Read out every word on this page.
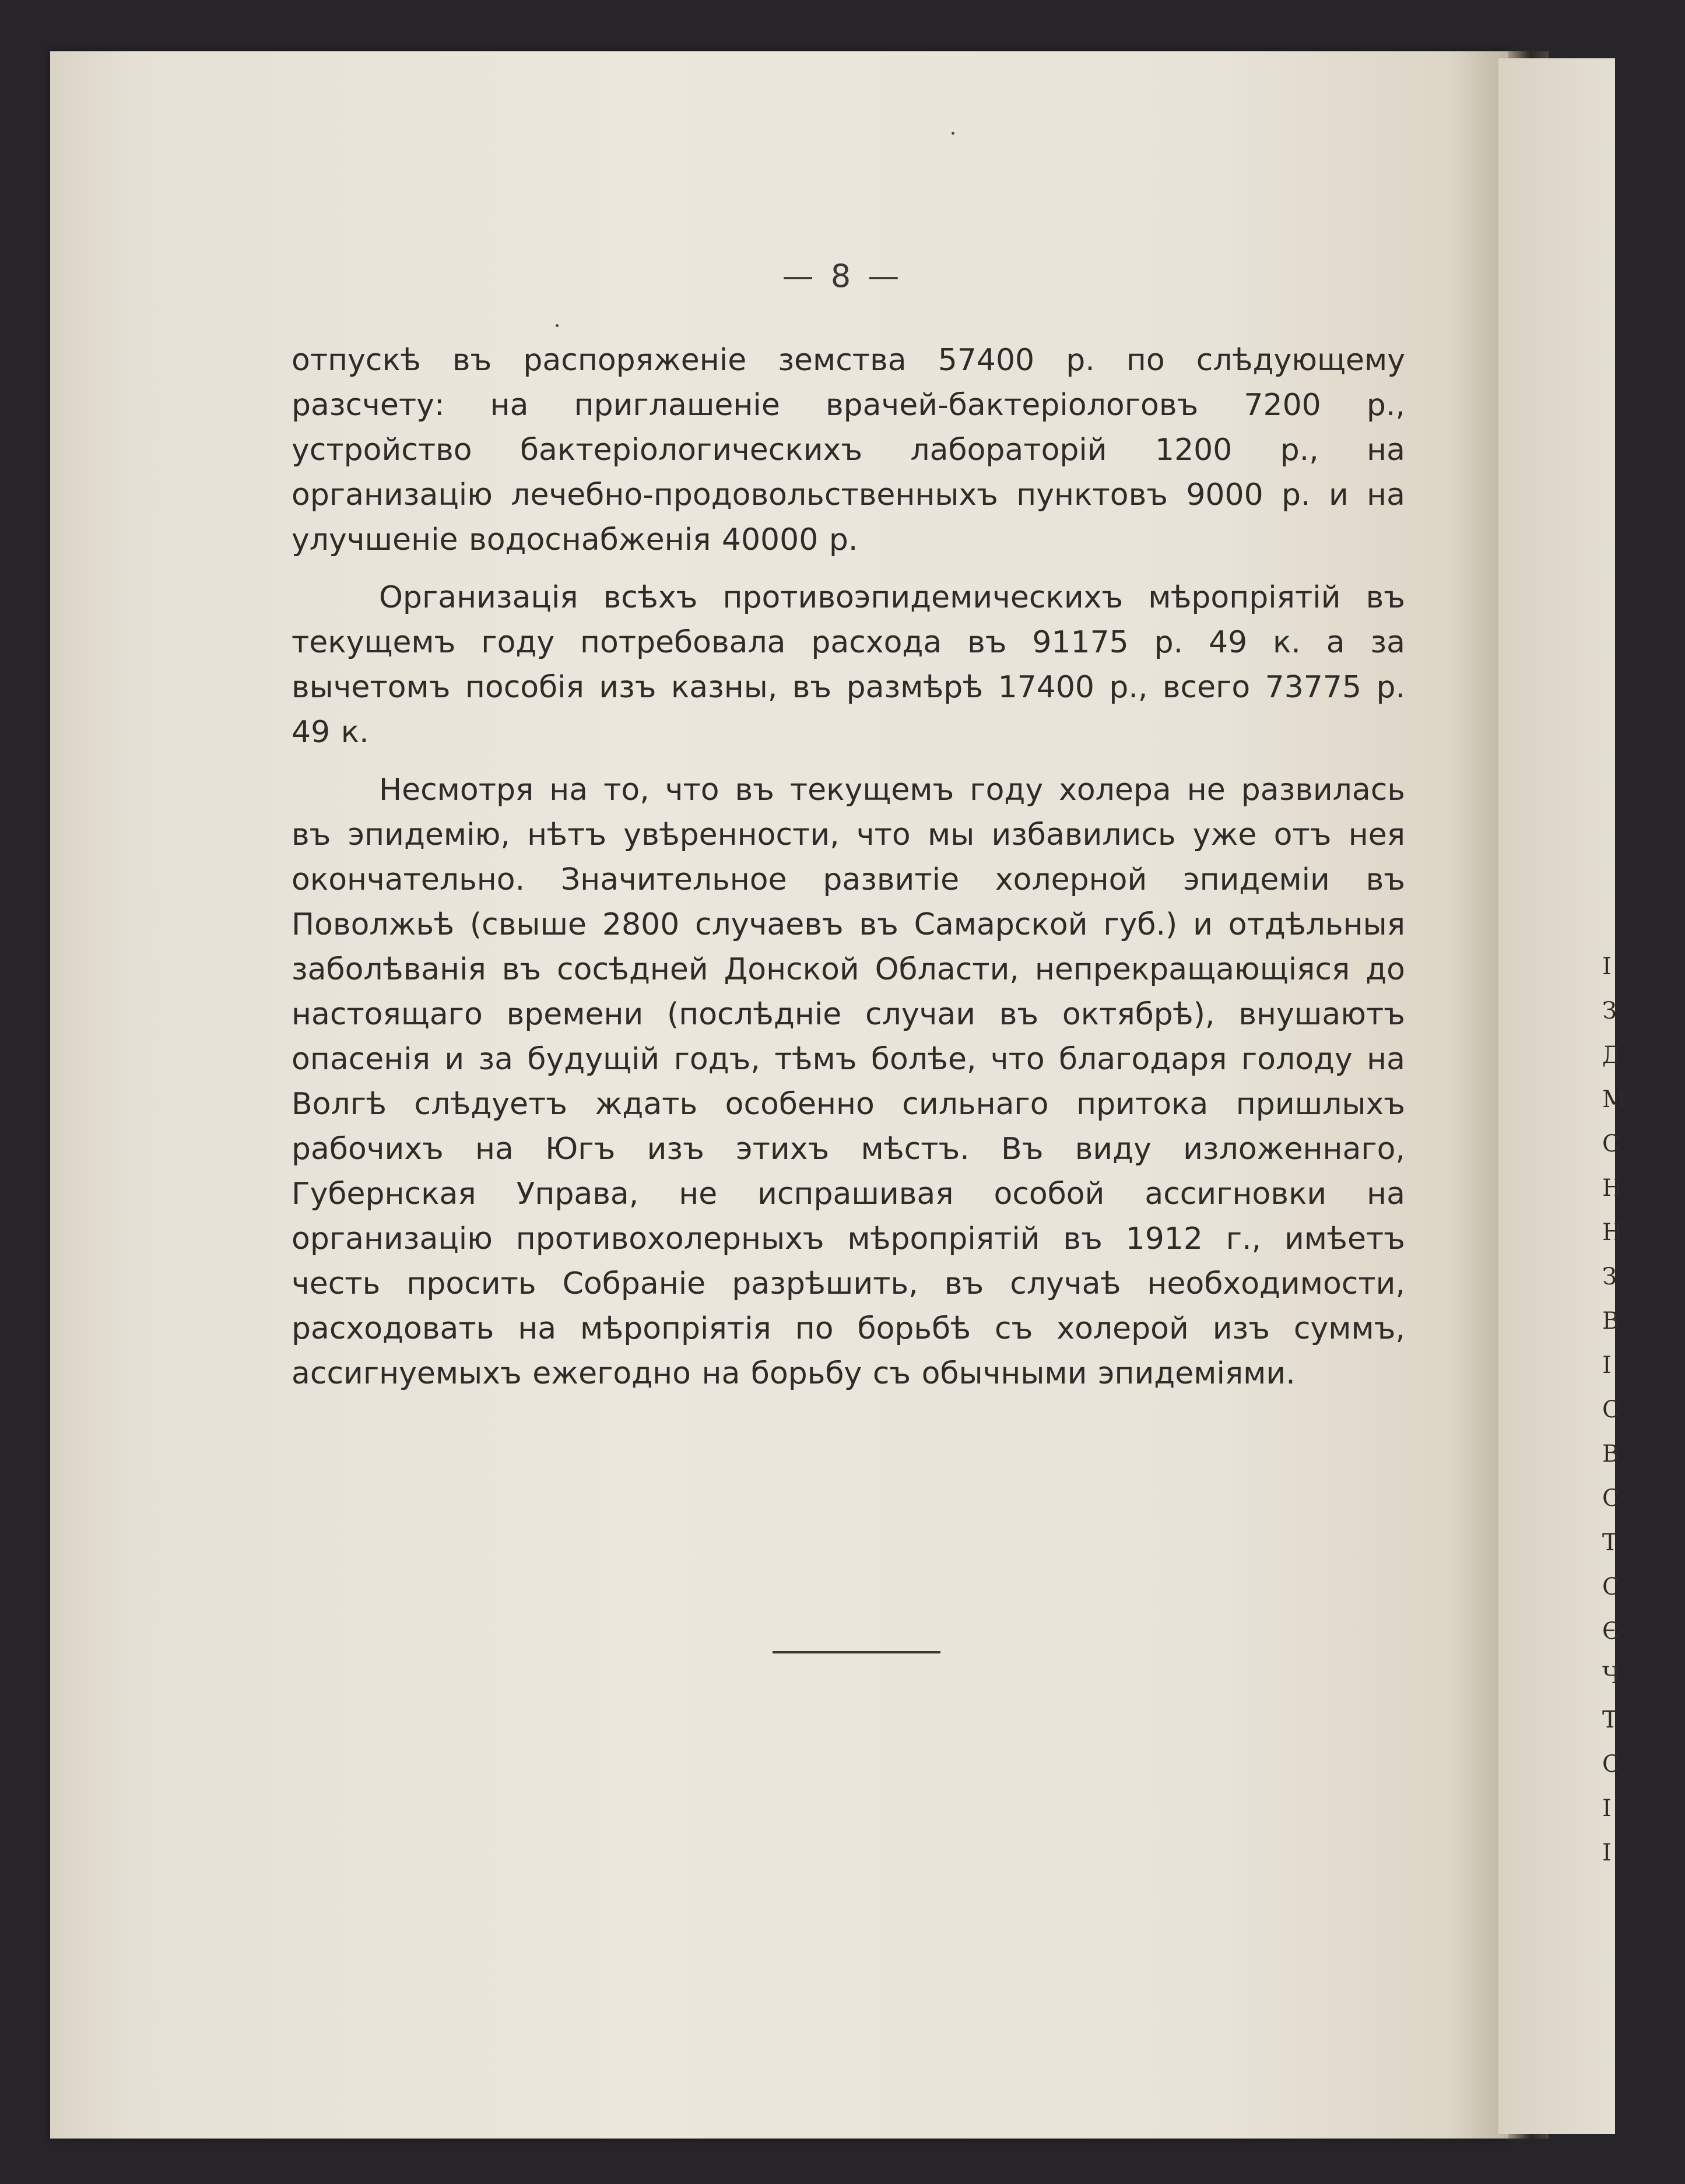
I
З
Д
М
С
Н
Н
З
В
I
С
В
С
Т
С
Є
Ч
Т
С
I
I
— 8 —

отпускѣ въ распоряженіе земства 57400 р. по слѣдующему разсчету: на приглашеніе врачей-бактеріологовъ 7200 р., устройство бактеріологическихъ лабораторій 1200 р., на организацію лечебно-продовольственныхъ пунктовъ 9000 р. и на улучшеніе водоснабженія 40000 р.

Организація всѣхъ противоэпидемическихъ мѣропріятій въ текущемъ году потребовала расхода въ 91175 р. 49 к. а за вычетомъ пособія изъ казны, въ размѣрѣ 17400 р., всего 73775 р. 49 к.

Несмотря на то, что въ текущемъ году холера не развилась въ эпидемію, нѣтъ увѣренности, что мы избавились уже отъ нея окончательно. Значительное развитіе холерной эпидеміи въ Поволжьѣ (свыше 2800 случаевъ въ Самарской губ.) и отдѣльныя заболѣванія въ сосѣдней Донской Области, непрекращающіяся до настоящаго времени (послѣдніе случаи въ октябрѣ), внушаютъ опасенія и за будущій годъ, тѣмъ болѣе, что благодаря голоду на Волгѣ слѣдуетъ ждать особенно сильнаго притока пришлыхъ рабочихъ на Югъ изъ этихъ мѣстъ. Въ виду изложеннаго, Губернская Управа, не испрашивая особой ассигновки на организацію противохолерныхъ мѣропріятій въ 1912 г., имѣетъ честь просить Собраніе разрѣшить, въ случаѣ необходимости, расходовать на мѣропріятія по борьбѣ съ холерой изъ суммъ, ассигнуемыхъ ежегодно на борьбу съ обычными эпидеміями.
